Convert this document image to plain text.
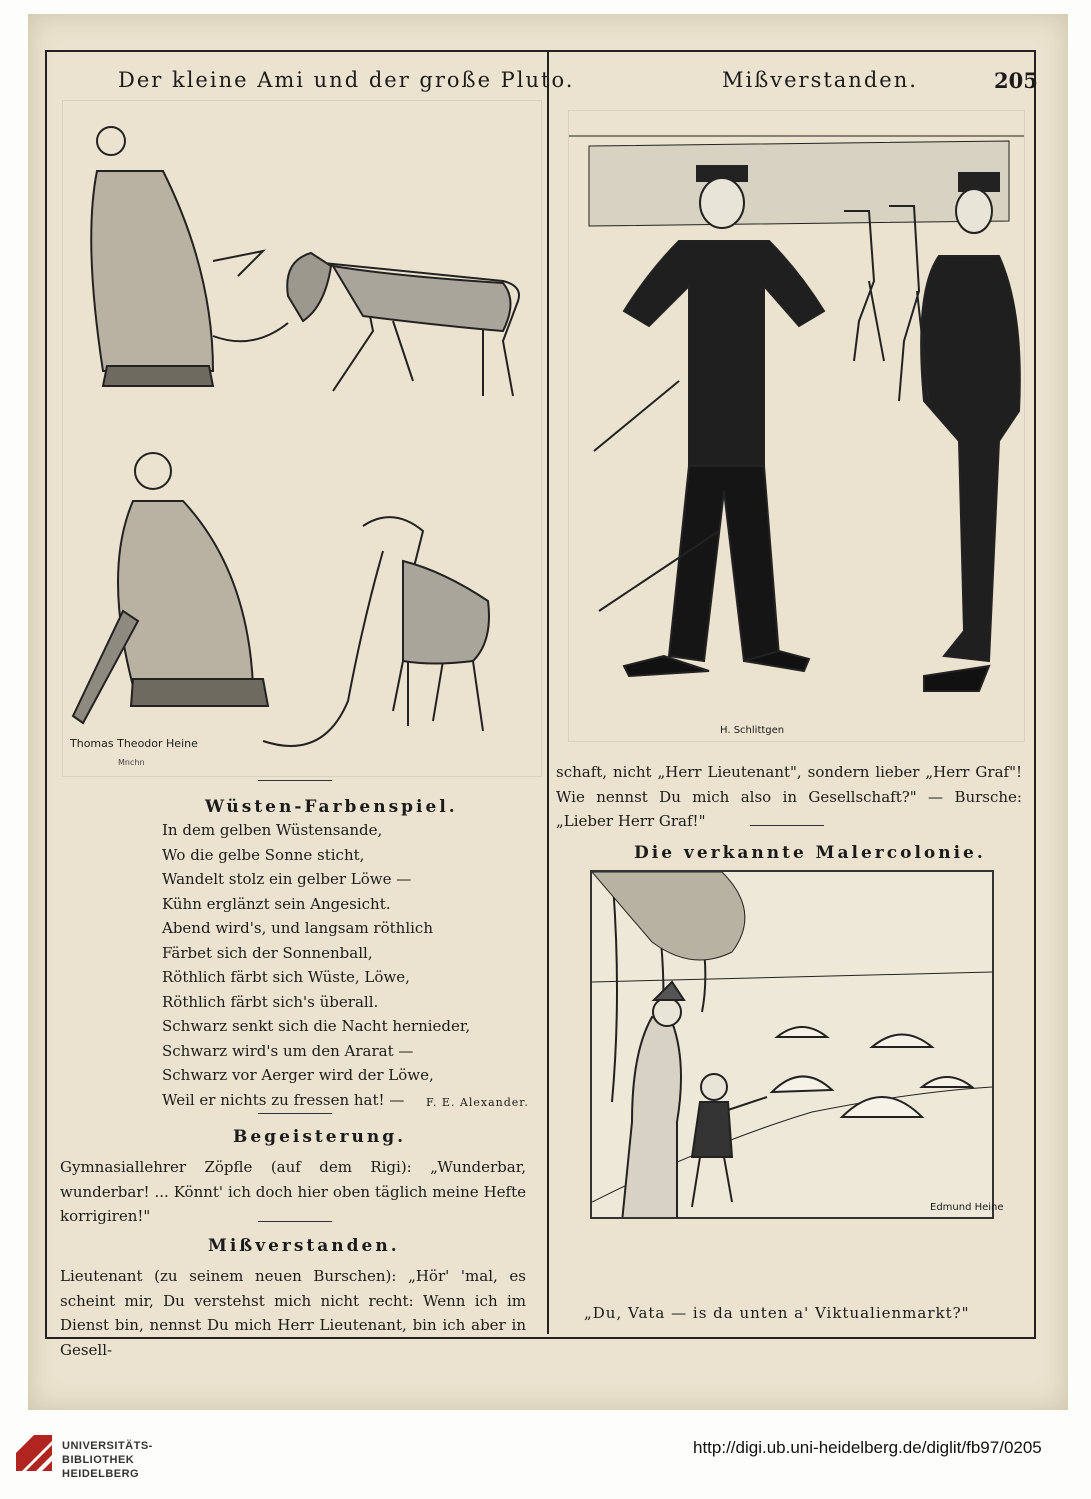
Der kleine Ami und der große Pluto.	Mißverstanden.	205
Thomas Theodor Heine
Mnchn
H. Schlittgen
Wüsten-Farbenspiel.
In dem gelben Wüstensande,
Wo die gelbe Sonne sticht,
Wandelt stolz ein gelber Löwe —
Kühn erglänzt sein Angesicht.
Abend wird's, und langsam röthlich
Färbet sich der Sonnenball,
Röthlich färbt sich Wüste, Löwe,
Röthlich färbt sich's überall.
Schwarz senkt sich die Nacht hernieder,
Schwarz wird's um den Ararat —
Schwarz vor Aerger wird der Löwe,
Weil er nichts zu fressen hat! —	F. E. Alexander.
Begeisterung.
Gymnasiallehrer Zöpfle (auf dem Rigi): „Wunderbar, wunderbar! ... Könnt' ich doch hier oben täglich meine Hefte korrigiren!"
Mißverstanden.
Lieutenant (zu seinem neuen Burschen): „Hör' 'mal, es scheint mir, Du verstehst mich nicht recht: Wenn ich im Dienst bin, nennst Du mich Herr Lieutenant, bin ich aber in Gesell-
schaft, nicht „Herr Lieutenant", sondern lieber „Herr Graf"! Wie nennst Du mich also in Gesellschaft?" — Bursche: „Lieber Herr Graf!"
Die verkannte Malercolonie.
Edmund Heine
„Du, Vata — is da unten a' Viktualienmarkt?"
UNIVERSITÄTS-
BIBLIOTHEK
HEIDELBERG
http://digi.ub.uni-heidelberg.de/diglit/fb97/0205
